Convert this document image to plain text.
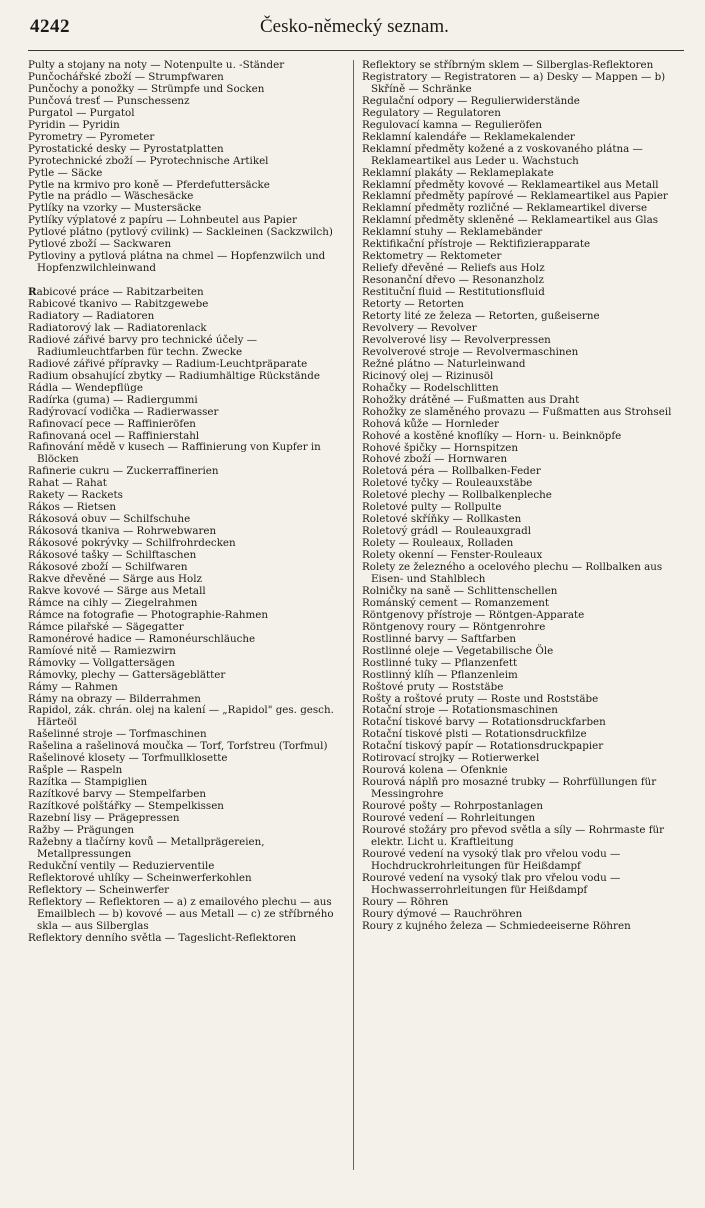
4242	Česko-německý seznam.
Pulty a stojany na noty — Notenpulte u. -Ständer
Punčochářské zboží — Strumpfwaren
Punčochy a ponožky — Strümpfe und Socken
Punčová tresť — Punschessenz
Purgatol — Purgatol
Pyridin — Pyridin
Pyrometry — Pyrometer
Pyrostatické desky — Pyrostatplatten
Pyrotechnické zboží — Pyrotechnische Artikel
Pytle — Säcke
Pytle na krmivo pro koně — Pferdefuttersäcke
Pytle na prádlo — Wäschesäcke
Pytlíky na vzorky — Mustersäcke
Pytlíky výplatové z papíru — Lohnbeutel aus Papier
Pytlové plátno (pytlový cvilink) — Sackleinen (Sackzwilch)
Pytlové zboží — Sackwaren
Pytloviny a pytlová plátna na chmel — Hopfenzwilch und Hopfenzwilchleinwand
Rabicové práce — Rabitzarbeiten
Rabicové tkanivo — Rabitzgewebe
Radiatory — Radiatoren
Radiatorový lak — Radiatorenlack
Radiové zářivé barvy pro technické účely — Radiumleuchtfarben für techn. Zwecke
Radiové zářivé přípravky — Radium-Leuchtpräparate
Radium obsahující zbytky — Radiumhältige Rückstände
Rádla — Wendepflüge
Radírka (guma) — Radiergummi
Radýrovací vodička — Radierwasser
Rafinovací pece — Raffinieröfen
Rafinovaná ocel — Raffinierstahl
Rafinování mědě v kusech — Raffinierung von Kupfer in Blöcken
Rafinerie cukru — Zuckerraffinerien
Rahat — Rahat
Rakety — Rackets
Rákos — Rietsen
Rákosová obuv — Schilfschuhe
Rákosová tkaniva — Rohrwebwaren
Rákosové pokrývky — Schilfrohrdecken
Rákosové tašky — Schilftaschen
Rákosové zboží — Schilfwaren
Rakve dřevěné — Särge aus Holz
Rakve kovové — Särge aus Metall
Rámce na cihly — Ziegelrahmen
Rámce na fotografie — Photographie-Rahmen
Rámce pilařské — Sägegatter
Ramonérové hadice — Ramonéurschläuche
Ramíové nitě — Ramiezwirn
Rámovky — Vollgattersägen
Rámovky, plechy — Gattersägeblätter
Rámy — Rahmen
Rámy na obrazy — Bilderrahmen
Rapidol, zák. chrán. olej na kalení — „Rapidol" ges. gesch. Härteöl
Rašelinné stroje — Torfmaschinen
Rašelina a rašelinová moučka — Torf, Torfstreu (Torfmul)
Rašelinové klosety — Torfmullklosette
Rašple — Raspeln
Razítka — Stampiglien
Razítkové barvy — Stempelfarben
Razítkové polštářky — Stempelkissen
Razební lisy — Prägepressen
Ražby — Prägungen
Ražebny a tlačírny kovů — Metallprägereien, Metallpressungen
Redukční ventily — Reduzierventile
Reflektorové uhlíky — Scheinwerferkohlen
Reflektory — Scheinwerfer
Reflektory — Reflektoren — a) z emailového plechu — aus Emailblech — b) kovové — aus Metall — c) ze stříbrného skla — aus Silberglas
Reflektory denního světla — Tageslicht-Reflektoren
Reflektory se stříbrným sklem — Silberglas-Reflektoren
Registratory — Registratoren — a) Desky — Mappen — b) Skříně — Schränke
Regulační odpory — Regulierwiderstände
Regulatory — Regulatoren
Regulovací kamna — Regulieröfen
Reklamní kalendáře — Reklamekalender
Reklamní předměty kožené a z voskovaného plátna — Reklameartikel aus Leder u. Wachstuch
Reklamní plakáty — Reklameplakate
Reklamní předměty kovové — Reklameartikel aus Metall
Reklamní předměty papírové — Reklameartikel aus Papier
Reklamní předměty rozličné — Reklameartikel diverse
Reklamní předměty skleněné — Reklameartikel aus Glas
Reklamní stuhy — Reklamebänder
Rektifikační přístroje — Rektifizierapparate
Rektometry — Rektometer
Reliefy dřevěné — Reliefs aus Holz
Resonanční dřevo — Resonanzholz
Restituční fluid — Restitutionsfluid
Retorty — Retorten
Retorty lité ze železa — Retorten, gußeiserne
Revolvery — Revolver
Revolverové lisy — Revolverpressen
Revolverové stroje — Revolvermaschinen
Režné plátno — Naturleinwand
Ricinový olej — Rizinusöl
Rohačky — Rodelschlitten
Rohožky drátěné — Fußmatten aus Draht
Rohožky ze slaměného provazu — Fußmatten aus Strohseil
Rohová kůže — Hornleder
Rohové a kostěné knoflíky — Horn- u. Beinknöpfe
Rohové špičky — Hornspitzen
Rohové zboží — Hornwaren
Roletová péra — Rollbalken-Feder
Roletové tyčky — Rouleauxstäbe
Roletové plechy — Rollbalkenpleche
Roletové pulty — Rollpulte
Roletové skříňky — Rollkasten
Roletový grádl — Rouleauxgradl
Rolety — Rouleaux, Rolladen
Rolety okenní — Fenster-Rouleaux
Rolety ze železného a ocelového plechu — Rollbalken aus Eisen- und Stahlblech
Rolničky na saně — Schlittenschellen
Románský cement — Romanzement
Röntgenovy přístroje — Röntgen-Apparate
Röntgenovy roury — Röntgenrohre
Rostlinné barvy — Saftfarben
Rostlinné oleje — Vegetabilische Öle
Rostlinné tuky — Pflanzenfett
Rostlinný klíh — Pflanzenleim
Roštové pruty — Roststäbe
Rošty a roštové pruty — Roste und Roststäbe
Rotační stroje — Rotationsmaschinen
Rotační tiskové barvy — Rotationsdruckfarben
Rotační tiskové plsti — Rotationsdruckfilze
Rotační tiskový papír — Rotationsdruckpapier
Rotirovací strojky — Rotierwerkel
Rourová kolena — Ofenknie
Rourová náplň pro mosazné trubky — Rohrfüllungen für Messingrohre
Rourové pošty — Rohrpostanlagen
Rourové vedení — Rohrleitungen
Rourové stožáry pro převod světla a síly — Rohrmaste für elektr. Licht u. Kraftleitung
Rourové vedení na vysoký tlak pro vřelou vodu — Hochdruckrohrleitungen für Heißdampf
Rourové vedení na vysoký tlak pro vřelou vodu — Hochwasserrohrleitungen für Heißdampf
Roury — Röhren
Roury dýmové — Rauchröhren
Roury z kujného železa — Schmiedeeiserne Röhren
